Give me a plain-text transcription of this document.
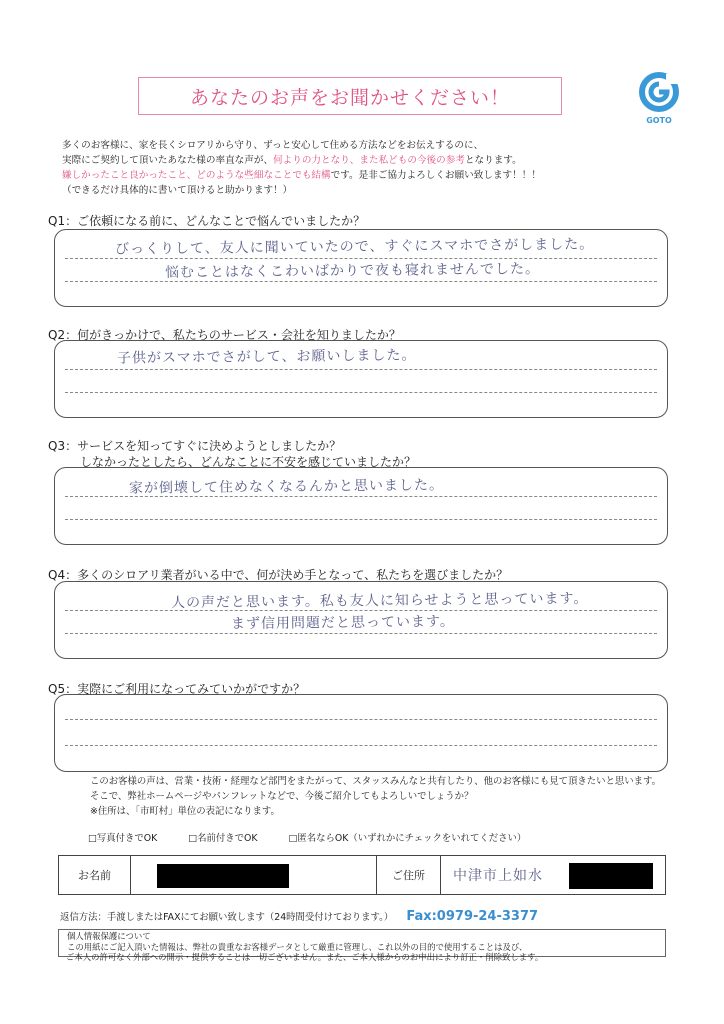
あなたのお声をお聞かせください！
GOTO
多くのお客様に、家を長くシロアリから守り、ずっと安心して住める方法などをお伝えするのに、
実際にご契約して頂いたあなた様の率直な声が、何よりの力となり、また私どもの今後の参考となります。
嫌しかったこと良かったこと、どのような些細なことでも結構です。是非ご協力よろしくお願い致します！！！
（できるだけ具体的に書いて頂けると助かります！）
Q1：ご依頼になる前に、どんなことで悩んでいましたか？
びっくりして、友人に聞いていたので、すぐにスマホでさがしました。
悩むことはなくこわいばかりで夜も寝れませんでした。
Q2：何がきっかけで、私たちのサービス・会社を知りましたか？
子供がスマホでさがして、お願いしました。
Q3：サービスを知ってすぐに決めようとしましたか？
しなかったとしたら、どんなことに不安を感じていましたか？
家が倒壊して住めなくなるんかと思いました。
Q4：多くのシロアリ業者がいる中で、何が決め手となって、私たちを選びましたか？
人の声だと思います。私も友人に知らせようと思っています。
まず信用問題だと思っています。
Q5：実際にご利用になってみていかがですか？
このお客様の声は、営業・技術・経理など部門をまたがって、スタッスみんなと共有したり、他のお客様にも見て頂きたいと思います。
そこで、弊社ホームページやパンフレットなどで、今後ご紹介してもよろしいでしょうか？
※住所は、「市町村」単位の表記になります。
□写真付きでOK	□名前付きでOK	□匿名ならOK（いずれかにチェックをいれてください）
お名前	ご住所	中津市上如水
返信方法：手渡しまたはFAXにてお願い致します（24時間受付けております。） Fax:0979-24-3377
個人情報保護について
この用紙にご記入頂いた情報は、弊社の貴重なお客様データとして厳重に管理し、これ以外の目的で使用することは及び、
ご本人の許可なく外部への開示・提供することは一切ございません。また、ご本人様からのお申出により訂正・削除致します。
